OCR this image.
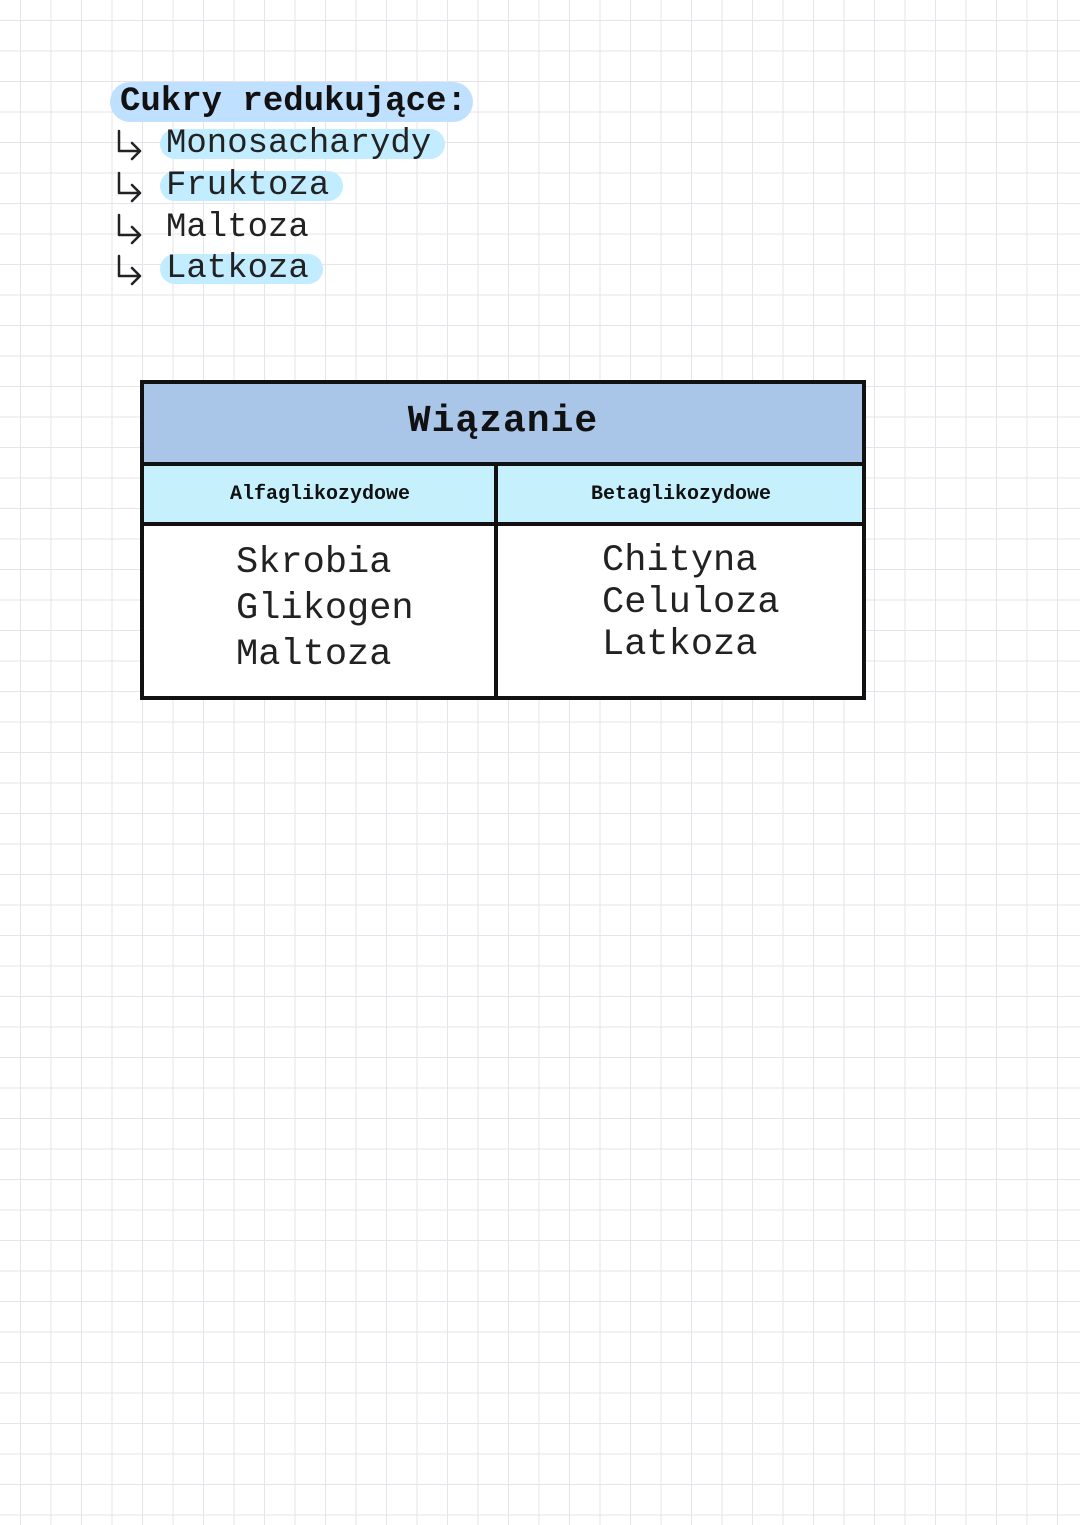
Cukry redukujące:
Monosacharydy
Fruktoza
Maltoza
Latkoza
Wiązanie
Alfaglikozydowe	Betaglikozydowe
Skrobia
Glikogen
Maltoza
Chityna
Celuloza
Latkoza
